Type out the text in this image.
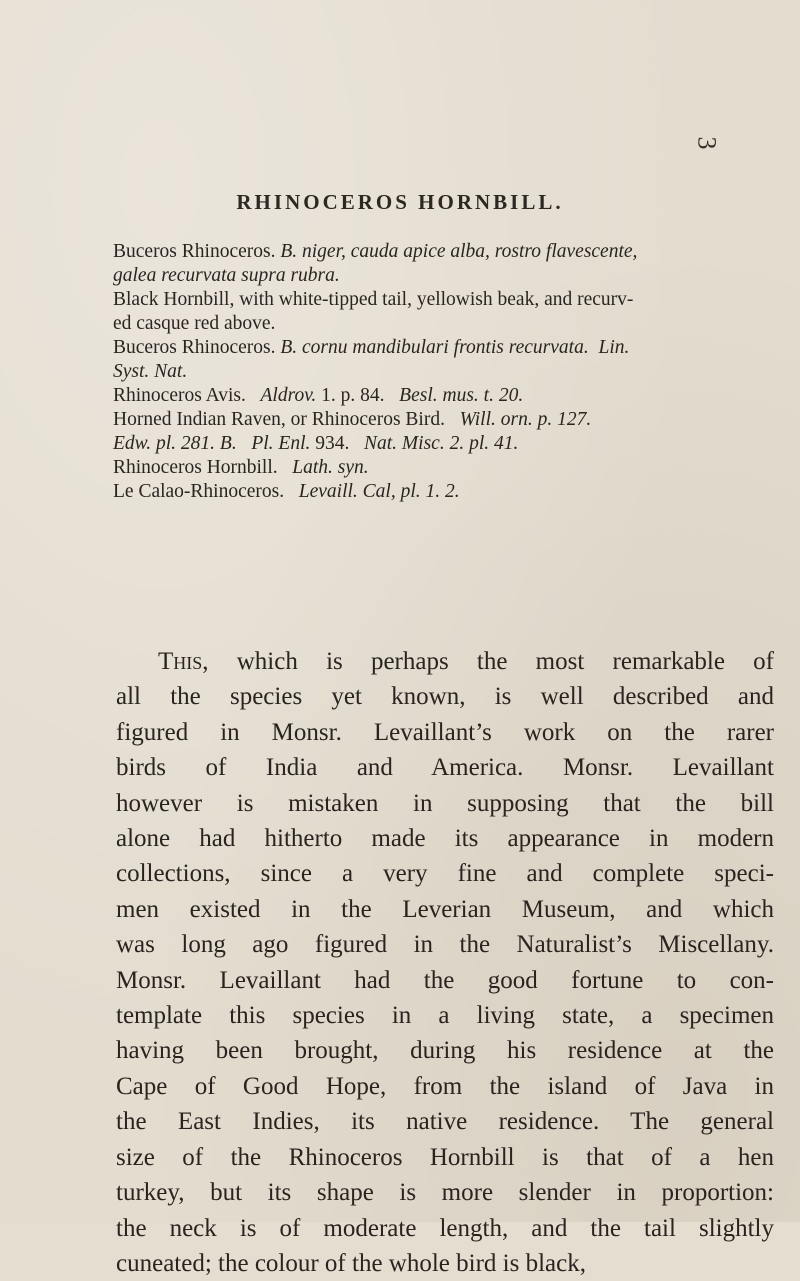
3
RHINOCEROS HORNBILL.

Buceros Rhinoceros. B. niger, cauda apice alba, rostro flavescente,
galea recurvata supra rubra.

Black Hornbill, with white-tipped tail, yellowish beak, and recurv-
ed casque red above.

Buceros Rhinoceros. B. cornu mandibulari frontis recurvata. Lin.
Syst. Nat.

Rhinoceros Avis. Aldrov. 1. p. 84. Besl. mus. t. 20.

Horned Indian Raven, or Rhinoceros Bird. Will. orn. p. 127.
Edw. pl. 281. B. Pl. Enl. 934. Nat. Misc. 2. pl. 41.

Rhinoceros Hornbill. Lath. syn.

Le Calao-Rhinoceros. Levaill. Cal, pl. 1. 2.

This, which is perhaps the most remarkable of
all the species yet known, is well described and
figured in Monsr. Levaillant’s work on the rarer
birds of India and America. Monsr. Levaillant
however is mistaken in supposing that the bill
alone had hitherto made its appearance in modern
collections, since a very fine and complete speci-
men existed in the Leverian Museum, and which
was long ago figured in the Naturalist’s Miscellany.
Monsr. Levaillant had the good fortune to con-
template this species in a living state, a specimen
having been brought, during his residence at the
Cape of Good Hope, from the island of Java in
the East Indies, its native residence. The general
size of the Rhinoceros Hornbill is that of a hen
turkey, but its shape is more slender in proportion:
the neck is of moderate length, and the tail slightly
cuneated; the colour of the whole bird is black,
